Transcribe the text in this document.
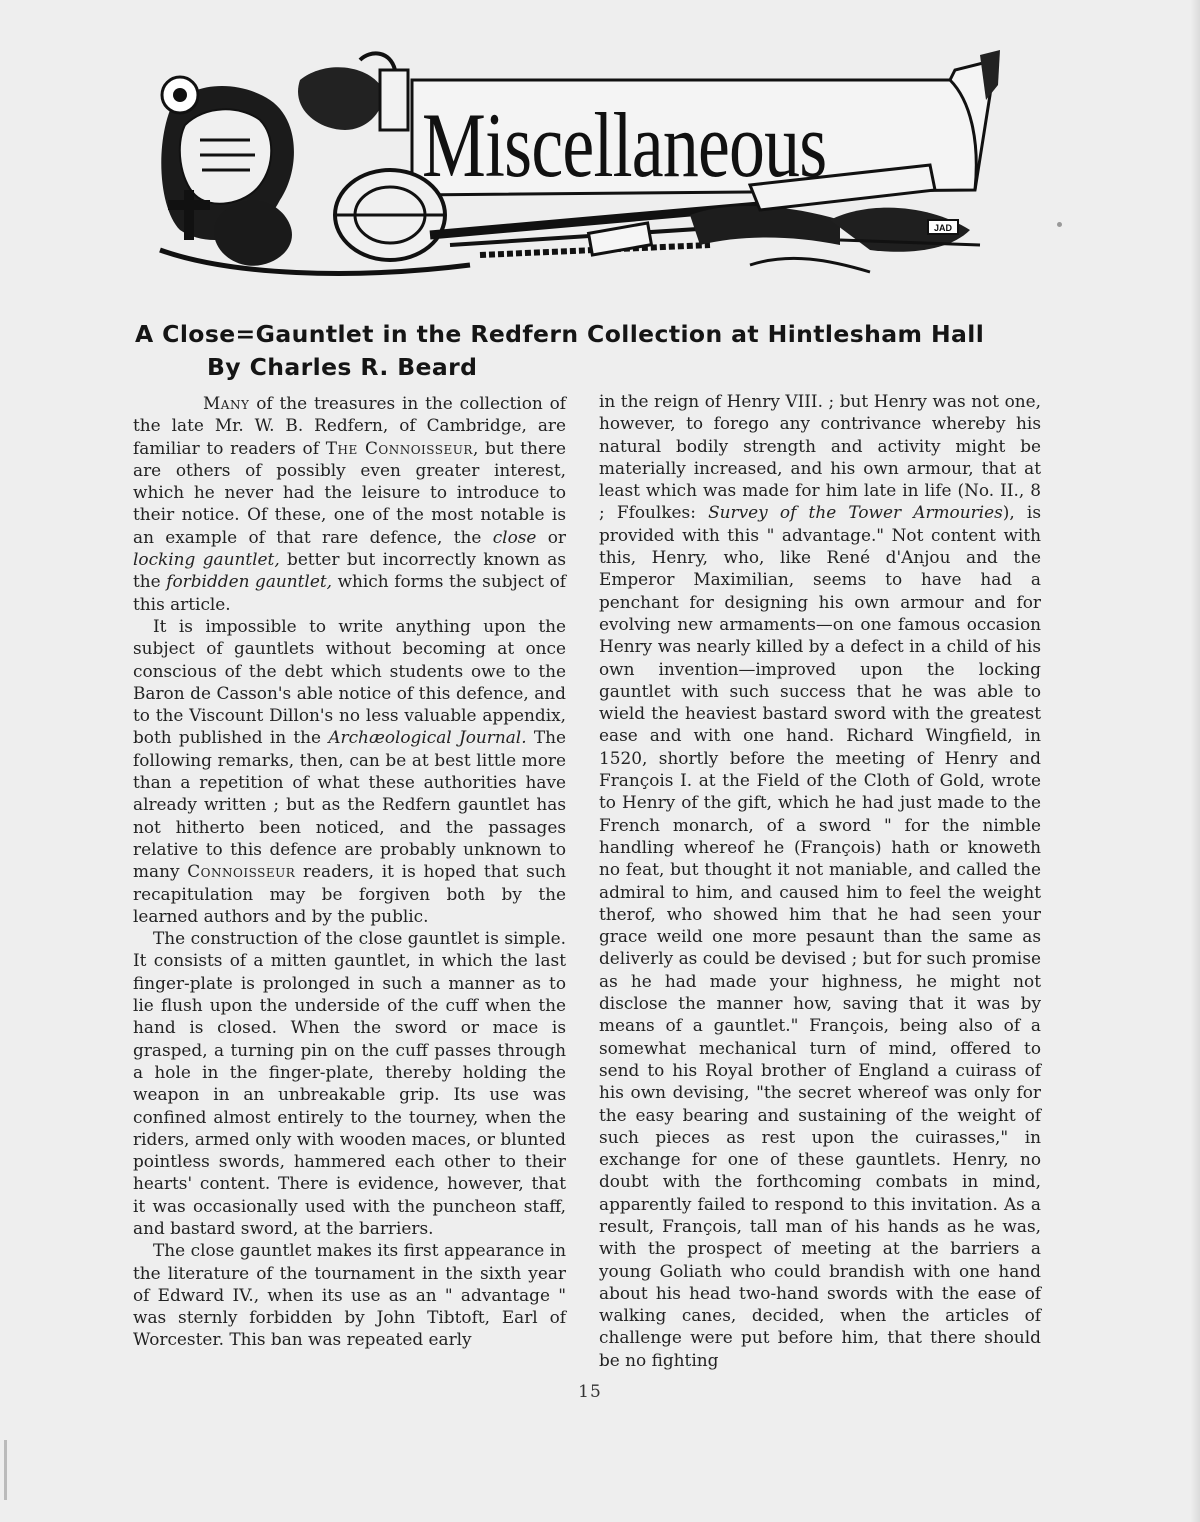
JAD
Miscellaneous
A Close=Gauntlet in the Redfern Collection at Hintlesham Hall By Charles R. Beard

Many of the treasures in the collection of the late Mr. W. B. Redfern, of Cambridge, are familiar to readers of The Connoisseur, but there are others of possibly even greater interest, which he never had the leisure to introduce to their notice. Of these, one of the most notable is an example of that rare defence, the close or locking gauntlet, better but incorrectly known as the forbidden gauntlet, which forms the subject of this article.

It is impossible to write anything upon the subject of gauntlets without becoming at once conscious of the debt which students owe to the Baron de Casson's able notice of this defence, and to the Viscount Dillon's no less valuable appendix, both published in the Archæological Journal. The following remarks, then, can be at best little more than a repetition of what these authorities have already written ; but as the Redfern gauntlet has not hitherto been noticed, and the passages relative to this defence are probably unknown to many Connoisseur readers, it is hoped that such recapitulation may be forgiven both by the learned authors and by the public.

The construction of the close gauntlet is simple. It consists of a mitten gauntlet, in which the last finger-plate is prolonged in such a manner as to lie flush upon the underside of the cuff when the hand is closed. When the sword or mace is grasped, a turning pin on the cuff passes through a hole in the finger-plate, thereby holding the weapon in an unbreakable grip. Its use was confined almost entirely to the tourney, when the riders, armed only with wooden maces, or blunted pointless swords, hammered each other to their hearts' content. There is evidence, however, that it was occasionally used with the puncheon staff, and bastard sword, at the barriers.

The close gauntlet makes its first appearance in the literature of the tournament in the sixth year of Edward IV., when its use as an " advantage " was sternly forbidden by John Tibtoft, Earl of Worcester. This ban was repeated early

in the reign of Henry VIII. ; but Henry was not one, however, to forego any contrivance whereby his natural bodily strength and activity might be materially increased, and his own armour, that at least which was made for him late in life (No. II., 8 ; Ffoulkes: Survey of the Tower Armouries), is provided with this " advantage." Not content with this, Henry, who, like René d'Anjou and the Emperor Maximilian, seems to have had a penchant for designing his own armour and for evolving new armaments—on one famous occasion Henry was nearly killed by a defect in a child of his own invention—improved upon the locking gauntlet with such success that he was able to wield the heaviest bastard sword with the greatest ease and with one hand. Richard Wingfield, in 1520, shortly before the meeting of Henry and François I. at the Field of the Cloth of Gold, wrote to Henry of the gift, which he had just made to the French monarch, of a sword " for the nimble handling whereof he (François) hath or knoweth no feat, but thought it not maniable, and called the admiral to him, and caused him to feel the weight therof, who showed him that he had seen your grace weild one more pesaunt than the same as deliverly as could be devised ; but for such promise as he had made your highness, he might not disclose the manner how, saving that it was by means of a gauntlet." François, being also of a somewhat mechanical turn of mind, offered to send to his Royal brother of England a cuirass of his own devising, "the secret whereof was only for the easy bearing and sustaining of the weight of such pieces as rest upon the cuirasses," in exchange for one of these gauntlets. Henry, no doubt with the forthcoming combats in mind, apparently failed to respond to this invitation. As a result, François, tall man of his hands as he was, with the prospect of meeting at the barriers a young Goliath who could brandish with one hand about his head two-hand swords with the ease of walking canes, decided, when the articles of challenge were put before him, that there should be no fighting

15
